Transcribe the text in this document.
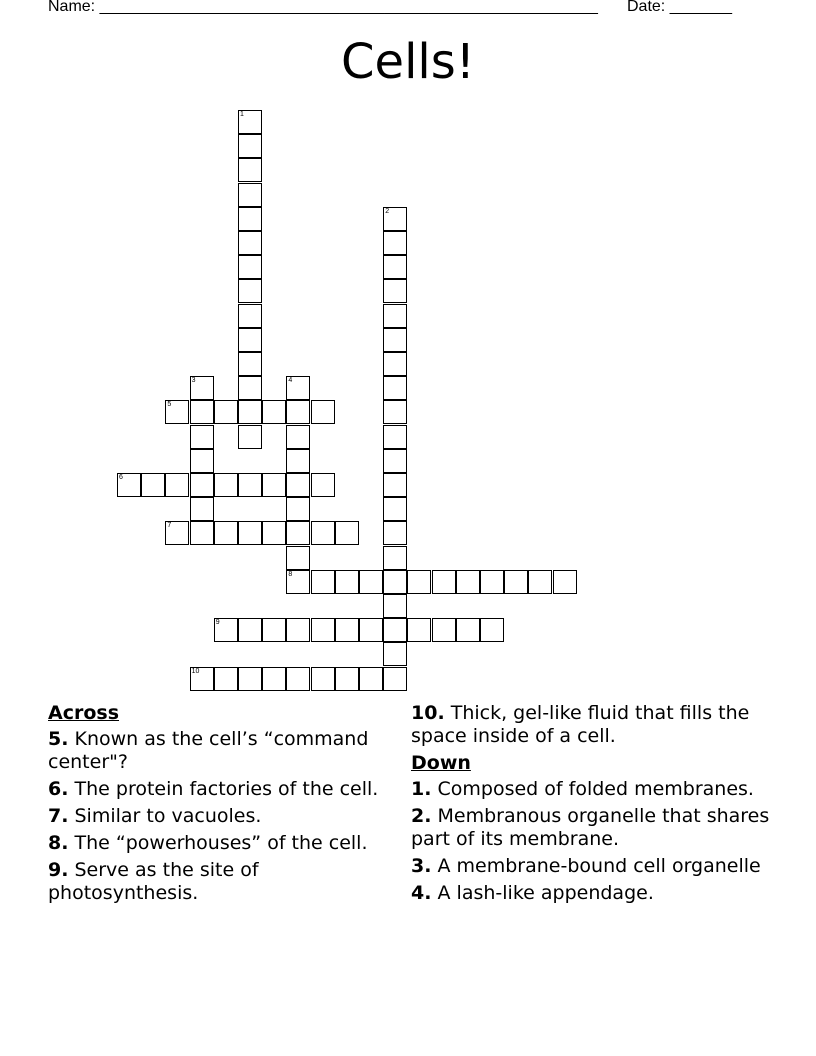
Name: ________________________________________________________ Date: _______
Cells!
1
2
3	4
8
5
6
7
9
10
Across
5. Known as the cell’s “command center"?
6. The protein factories of the cell.
7. Similar to vacuoles.
8. The “powerhouses” of the cell.
9. Serve as the site of photosynthesis.
10. Thick, gel-like fluid that fills the space inside of a cell.
Down
1. Composed of folded membranes.
2. Membranous organelle that shares part of its membrane.
3. A membrane-bound cell organelle
4. A lash-like appendage.
